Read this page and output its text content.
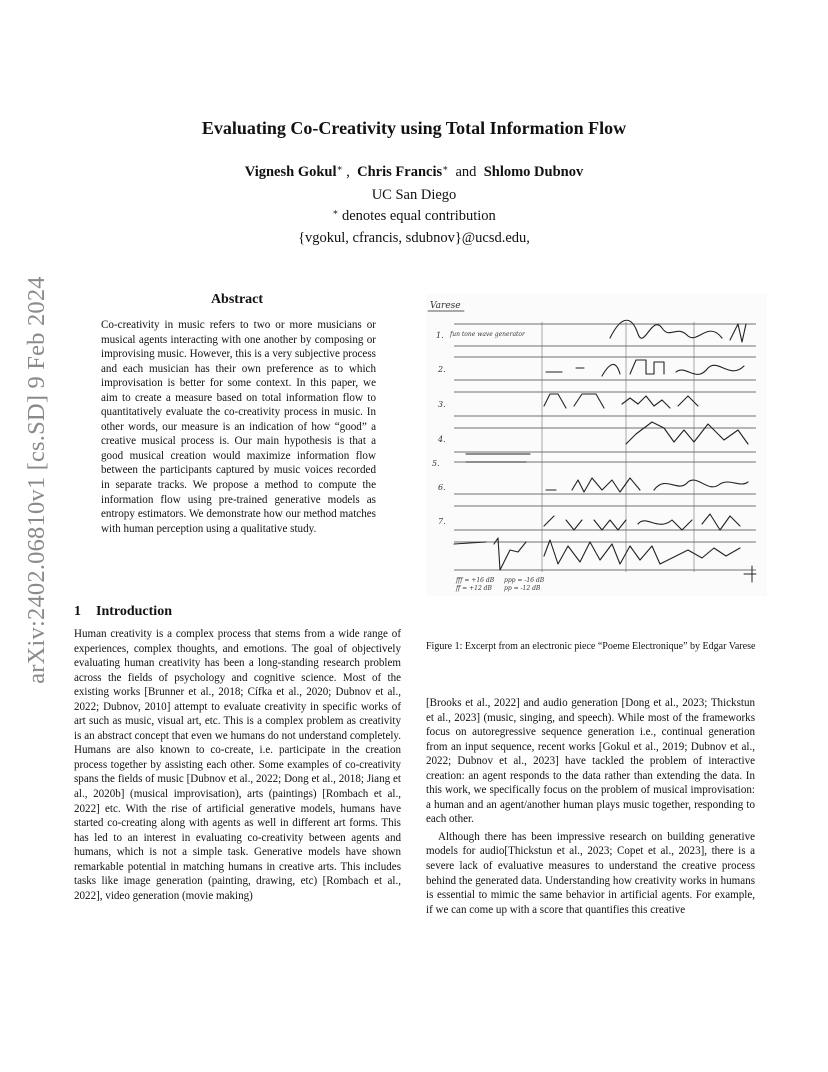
arXiv:2402.06810v1 [cs.SD] 9 Feb 2024
Evaluating Co-Creativity using Total Information Flow
Vignesh Gokul∗ ,  Chris Francis∗  and  Shlomo Dubnov
UC San Diego
∗ denotes equal contribution
{vgokul, cfrancis, sdubnov}@ucsd.edu,
Abstract
Co-creativity in music refers to two or more musicians or musical agents interacting with one another by composing or improvising music. However, this is a very subjective process and each musician has their own preference as to which improvisation is better for some context. In this paper, we aim to create a measure based on total information flow to quantitatively evaluate the co-creativity process in music. In other words, our measure is an indication of how “good” a creative musical process is. Our main hypothesis is that a good musical creation would maximize information flow between the participants captured by music voices recorded in separate tracks. We propose a method to compute the information flow using pre-trained generative models as entropy estimators. We demonstrate how our method matches with human perception using a qualitative study.
1 Introduction

Human creativity is a complex process that stems from a wide range of experiences, complex thoughts, and emotions. The goal of objectively evaluating human creativity has been a long-standing research problem across the fields of psychology and cognitive science. Most of the existing works [Brunner et al., 2018; Cífka et al., 2020; Dubnov et al., 2022; Dubnov, 2010] attempt to evaluate creativity in specific works of art such as music, visual art, etc. This is a complex problem as creativity is an abstract concept that even we humans do not understand completely. Humans are also known to co-create, i.e. participate in the creation process together by assisting each other. Some examples of co-creativity spans the fields of music [Dubnov et al., 2022; Dong et al., 2018; Jiang et al., 2020b] (musical improvisation), arts (paintings) [Rombach et al., 2022] etc. With the rise of artificial generative models, humans have started co-creating along with agents as well in different art forms. This has led to an interest in evaluating co-creativity between agents and humans, which is not a simple task. Generative models have shown remarkable potential in matching humans in creative arts. This includes tasks like image generation (painting, drawing, etc) [Rombach et al., 2022], video generation (movie making)

Varese
1.
2.
3.
4.
5.
6.
7.
fun tone wave generator
fff = +16 dB
ff = +12 dB
ppp = -16 dB
pp = -12 dB
Figure 1: Excerpt from an electronic piece “Poeme Electronique” by Edgar Varese

[Brooks et al., 2022] and audio generation [Dong et al., 2023; Thickstun et al., 2023] (music, singing, and speech). While most of the frameworks focus on autoregressive sequence generation i.e., continual generation from an input sequence, recent works [Gokul et al., 2019; Dubnov et al., 2022; Dubnov et al., 2023] have tackled the problem of interactive creation: an agent responds to the data rather than extending the data. In this work, we specifically focus on the problem of musical improvisation: a human and an agent/another human plays music together, responding to each other.

Although there has been impressive research on building generative models for audio[Thickstun et al., 2023; Copet et al., 2023], there is a severe lack of evaluative measures to understand the creative process behind the generated data. Understanding how creativity works in humans is essential to mimic the same behavior in artificial agents. For example, if we can come up with a score that quantifies this creative
